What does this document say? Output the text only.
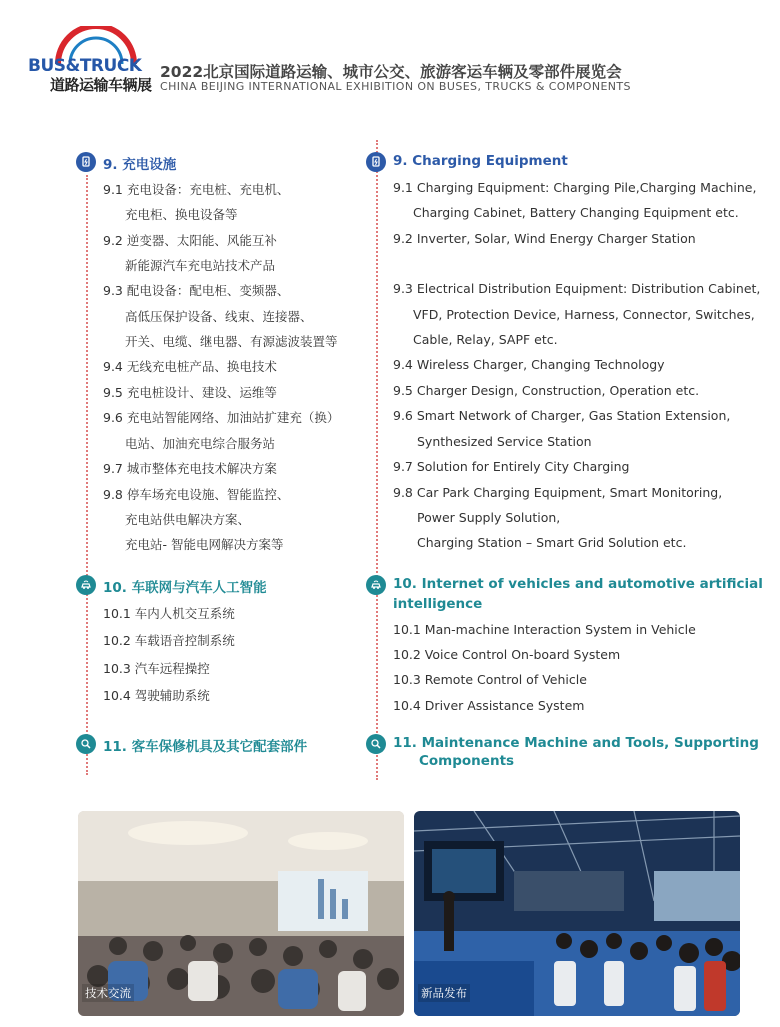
BUS&TRUCK
道路运输车辆展
2022北京国际道路运输、城市公交、旅游客运车辆及零部件展览会
CHINA BEIJING INTERNATIONAL EXHIBITION ON BUSES, TRUCKS & COMPONENTS
9. 充电设施
9.1 充电设备：充电桩、充电机、
充电柜、换电设备等
9.2 逆变器、太阳能、风能互补
新能源汽车充电站技术产品
9.3 配电设备：配电柜、变频器、
高低压保护设备、线束、连接器、
开关、电缆、继电器、有源滤波装置等
9.4 无线充电桩产品、换电技术
9.5 充电桩设计、建设、运维等
9.6 充电站智能网络、加油站扩建充（换）
电站、加油充电综合服务站
9.7 城市整体充电技术解决方案
9.8 停车场充电设施、智能监控、
充电站供电解决方案、
充电站- 智能电网解决方案等
10. 车联网与汽车人工智能
10.1 车内人机交互系统
10.2 车载语音控制系统
10.3 汽车远程操控
10.4 驾驶辅助系统
11. 客车保修机具及其它配套部件
9. Charging Equipment
9.1 Charging Equipment: Charging Pile,Charging Machine,
Charging Cabinet, Battery Changing Equipment etc.
9.2 Inverter, Solar, Wind Energy Charger Station
9.3 Electrical Distribution Equipment: Distribution Cabinet,
VFD, Protection Device, Harness, Connector, Switches,
Cable, Relay, SAPF etc.
9.4 Wireless Charger, Changing Technology
9.5 Charger Design, Construction, Operation etc.
9.6 Smart Network of Charger, Gas Station Extension,
Synthesized Service Station
9.7 Solution for Entirely City Charging
9.8 Car Park Charging Equipment, Smart Monitoring,
Power Supply Solution,
Charging Station – Smart Grid Solution etc.
10. Internet of vehicles and automotive artificial
intelligence
10.1 Man-machine Interaction System in Vehicle
10.2 Voice Control On-board System
10.3 Remote Control of Vehicle
10.4 Driver Assistance System
11. Maintenance Machine and Tools, Supporting
Components
技术交流	新品发布
